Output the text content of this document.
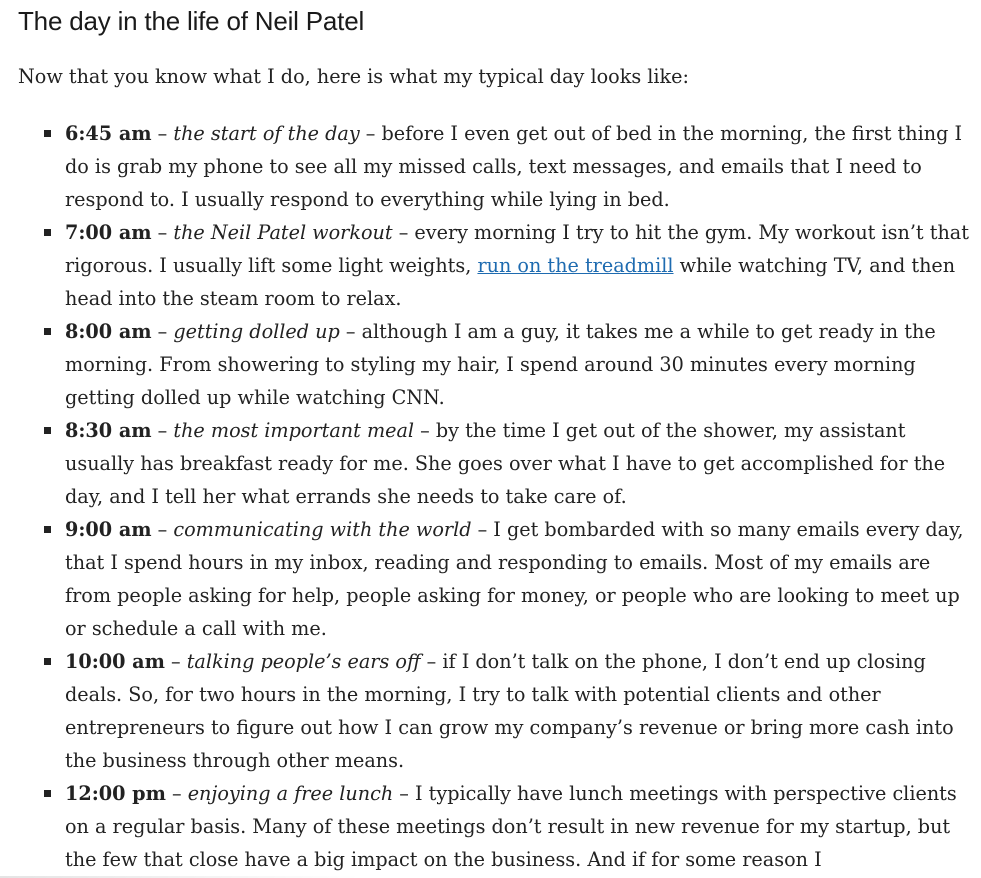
The day in the life of Neil Patel

Now that you know what I do, here is what my typical day looks like:

6:45 am – the start of the day – before I even get out of bed in the morning, the first thing I do is grab my phone to see all my missed calls, text messages, and emails that I need to respond to. I usually respond to everything while lying in bed.
7:00 am – the Neil Patel workout – every morning I try to hit the gym. My workout isn’t that rigorous. I usually lift some light weights, run on the treadmill while watching TV, and then head into the steam room to relax.
8:00 am – getting dolled up – although I am a guy, it takes me a while to get ready in the morning. From showering to styling my hair, I spend around 30 minutes every morning getting dolled up while watching CNN.
8:30 am – the most important meal – by the time I get out of the shower, my assistant usually has breakfast ready for me. She goes over what I have to get accomplished for the day, and I tell her what errands she needs to take care of.
9:00 am – communicating with the world – I get bombarded with so many emails every day, that I spend hours in my inbox, reading and responding to emails. Most of my emails are from people asking for help, people asking for money, or people who are looking to meet up or schedule a call with me.
10:00 am – talking people’s ears off – if I don’t talk on the phone, I don’t end up closing deals. So, for two hours in the morning, I try to talk with potential clients and other entrepreneurs to figure out how I can grow my company’s revenue or bring more cash into the business through other means.
12:00 pm – enjoying a free lunch – I typically have lunch meetings with perspective clients on a regular basis. Many of these meetings don’t result in new revenue for my startup, but the few that close have a big impact on the business. And if for some reason I
